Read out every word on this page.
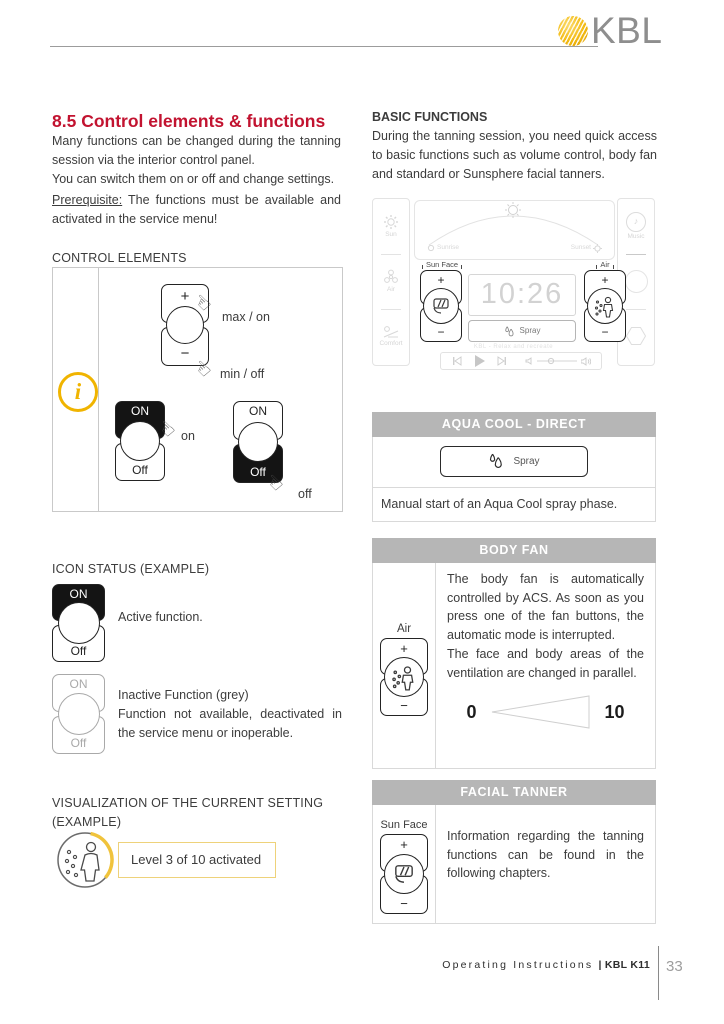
KBL
8.5 Control elements & functions
Many functions can be changed during the tanning session via the interior control panel.
You can switch them on or off and change settings.
Prerequisite: The functions must be available and activated in the service menu!
CONTROL ELEMENTS
i
+
−
☜ max / on
☜ min / off
ON
Off
☜ on
ON
Off
☜ off
ICON STATUS (EXAMPLE)
ON
Off
Active function.
ON
Off
Inactive Function (grey)
Function not available, deactivated in the service menu or inoperable.
VISUALIZATION OF THE CURRENT SETTING
(EXAMPLE)
Level 3 of 10 activated
BASIC FUNCTIONS
During the tanning session, you need quick access to basic functions such as volume control, body fan and standard or Sunsphere facial tanners.
Sun
Air
Comfort
♪
Music
Sunrise	Sunset
Sun Face
+
−
10:26
Spray
Air
+
−
KBL - Relax and recreate
AQUA COOL - DIRECT
Spray
Manual start of an Aqua Cool spray phase.
BODY FAN
Air
+
−
The body fan is automatically controlled by ACS. As soon as you press one of the fan buttons, the automatic mode is interrupted.
The face and body areas of the ventilation are changed in parallel.
0	10
FACIAL TANNER
Sun Face
+
−
Information regarding the tanning functions can be found in the following chapters.
Operating Instructions | KBL K11 33
